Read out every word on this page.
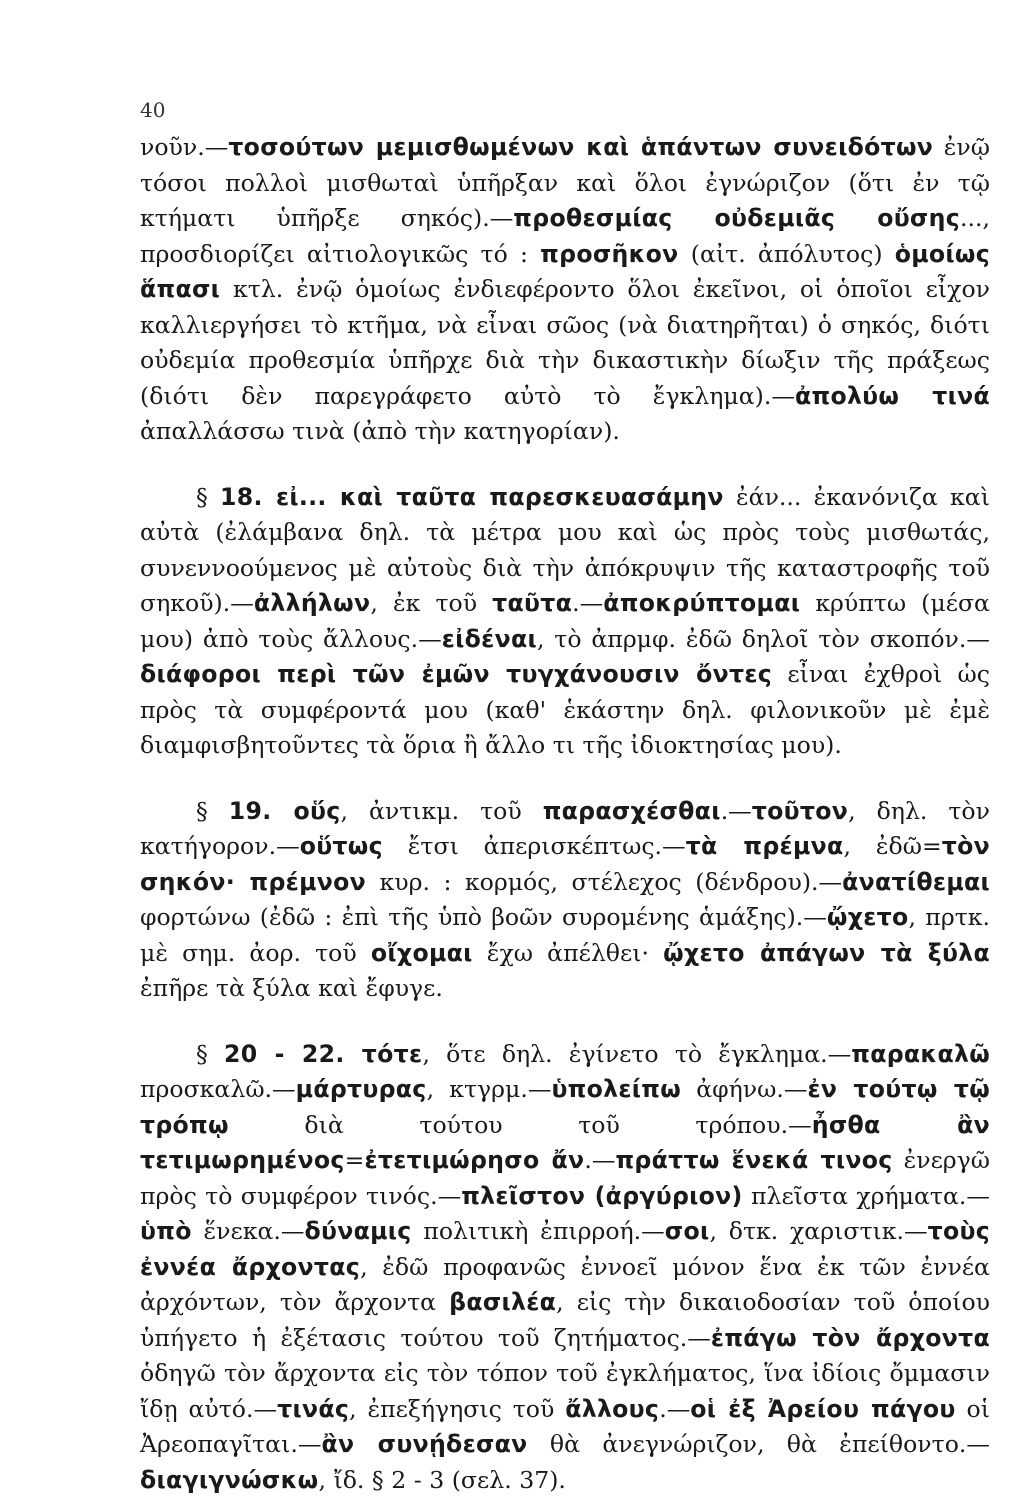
40

νοῦν.—τοσούτων μεμισθωμένων καὶ ἁπάντων συνειδότων ἐνῷ τόσοι πολλοὶ μισθωταὶ ὑπῆρξαν καὶ ὅλοι ἐγνώριζον (ὅτι ἐν τῷ κτήματι ὑπῆρξε σηκός).—προθεσμίας οὐδεμιᾶς οὔσης..., προσδιορίζει αἰτιολογικῶς τό : προσῆκον (αἰτ. ἀπόλυτος) ὁμοίως ἅπασι κτλ. ἐνῷ ὁμοίως ἐνδιεφέροντο ὅλοι ἐκεῖνοι, οἱ ὁποῖοι εἶχον καλλιεργήσει τὸ κτῆμα, νὰ εἶναι σῶος (νὰ διατηρῆται) ὁ σηκός, διότι οὐδεμία προθεσμία ὑπῆρχε διὰ τὴν δικαστικὴν δίωξιν τῆς πράξεως (διότι δὲν παρεγράφετο αὐτὸ τὸ ἔγκλημα).—ἀπολύω τινά ἀπαλλάσσω τινὰ (ἀπὸ τὴν κατηγορίαν).

§ 18. εἰ... καὶ ταῦτα παρεσκευασάμην ἐάν... ἐκανόνιζα καὶ αὐτὰ (ἐλάμβανα δηλ. τὰ μέτρα μου καὶ ὡς πρὸς τοὺς μισθωτάς, συνεννοούμενος μὲ αὐτοὺς διὰ τὴν ἀπόκρυψιν τῆς καταστροφῆς τοῦ σηκοῦ).—ἀλλήλων, ἐκ τοῦ ταῦτα.—ἀποκρύπτομαι κρύπτω (μέσα μου) ἀπὸ τοὺς ἄλλους.—εἰδέναι, τὸ ἀπρμφ. ἐδῶ δηλοῖ τὸν σκοπόν.—διάφοροι περὶ τῶν ἐμῶν τυγχάνουσιν ὄντες εἶναι ἐχθροὶ ὡς πρὸς τὰ συμφέροντά μου (καθ' ἑκάστην δηλ. φιλονικοῦν μὲ ἐμὲ διαμφισβητοῦντες τὰ ὅρια ἢ ἄλλο τι τῆς ἰδιοκτησίας μου).

§ 19. οὕς, ἀντικμ. τοῦ παρασχέσθαι.—τοῦτον, δηλ. τὸν κατήγορον.—οὕτως ἔτσι ἀπερισκέπτως.—τὰ πρέμνα, ἐδῶ=τὸν σηκόν· πρέμνον κυρ. : κορμός, στέλεχος (δένδρου).—ἀνατίθεμαι φορτώνω (ἐδῶ : ἐπὶ τῆς ὑπὸ βοῶν συρομένης ἁμάξης).—ᾤχετο, πρτκ. μὲ σημ. ἀορ. τοῦ οἴχομαι ἔχω ἀπέλθει· ᾤχετο ἀπάγων τὰ ξύλα ἐπῆρε τὰ ξύλα καὶ ἔφυγε.

§ 20 - 22. τότε, ὅτε δηλ. ἐγίνετο τὸ ἔγκλημα.—παρακαλῶ προσκαλῶ.—μάρτυρας, κτγρμ.—ὑπολείπω ἀφήνω.—ἐν τούτῳ τῷ τρόπῳ διὰ τούτου τοῦ τρόπου.—ἦσθα ἂν τετιμωρημένος=ἐτετιμώρησο ἄν.—πράττω ἕνεκά τινος ἐνεργῶ πρὸς τὸ συμφέρον τινός.—πλεῖστον (ἀργύριον) πλεῖστα χρήματα.—ὑπὸ ἕνεκα.—δύναμις πολιτικὴ ἐπιρροή.—σοι, δτκ. χαριστικ.—τοὺς ἐννέα ἄρχοντας, ἐδῶ προφανῶς ἐννοεῖ μόνον ἕνα ἐκ τῶν ἐννέα ἀρχόντων, τὸν ἄρχοντα βασιλέα, εἰς τὴν δικαιοδοσίαν τοῦ ὁποίου ὑπήγετο ἡ ἐξέτασις τούτου τοῦ ζητήματος.—ἐπάγω τὸν ἄρχοντα ὁδηγῶ τὸν ἄρχοντα εἰς τὸν τόπον τοῦ ἐγκλήματος, ἵνα ἰδίοις ὄμμασιν ἴδῃ αὐτό.—τινάς, ἐπεξήγησις τοῦ ἄλλους.—οἱ ἐξ Ἀρείου πάγου οἱ Ἀρεοπαγῖται.—ἂν συνῄδεσαν θὰ ἀνεγνώριζον, θὰ ἐπείθοντο.—διαγιγνώσκω, ἴδ. § 2 - 3 (σελ. 37).
